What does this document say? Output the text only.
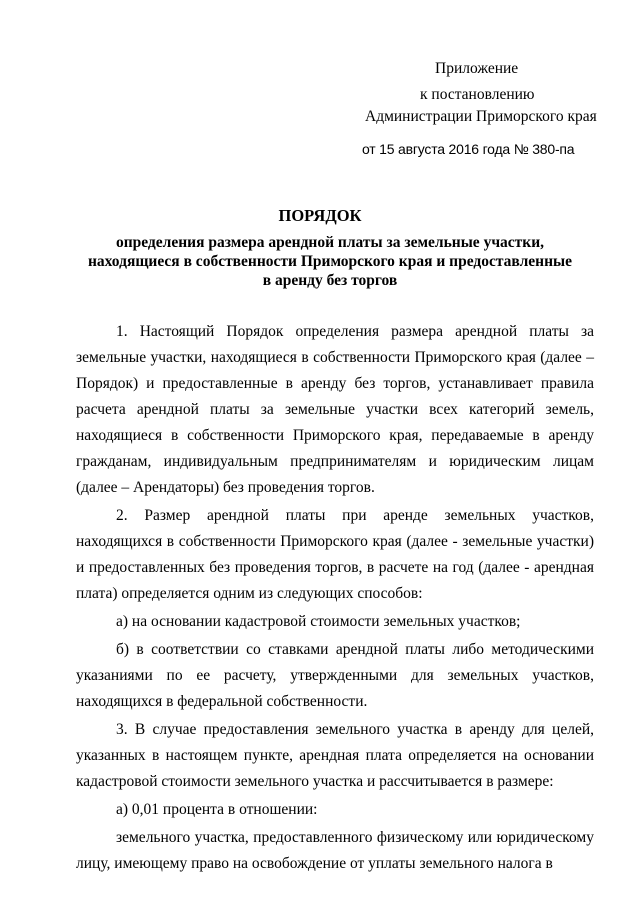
Приложение
к постановлению
Администрации Приморского края
от 15 августа 2016 года № 380-па
ПОРЯДОК
определения размера арендной платы за земельные участки,
находящиеся в собственности Приморского края и предоставленные
в аренду без торгов

1. Настоящий Порядок определения размера арендной платы за земельные участки, находящиеся в собственности Приморского края (далее – Порядок) и предоставленные в аренду без торгов, устанавливает правила расчета арендной платы за земельные участки всех категорий земель, находящиеся в собственности Приморского края, передаваемые в аренду гражданам, индивидуальным предпринимателям и юридическим лицам (далее – Арендаторы) без проведения торгов.

2. Размер арендной платы при аренде земельных участков, находящихся в собственности Приморского края (далее - земельные участки) и предоставленных без проведения торгов, в расчете на год (далее - арендная плата) определяется одним из следующих способов:

а) на основании кадастровой стоимости земельных участков;

б) в соответствии со ставками арендной платы либо методическими указаниями по ее расчету, утвержденными для земельных участков, находящихся в федеральной собственности.

3. В случае предоставления земельного участка в аренду для целей, указанных в настоящем пункте, арендная плата определяется на основании кадастровой стоимости земельного участка и рассчитывается в размере:

а) 0,01 процента в отношении:

земельного участка, предоставленного физическому или юридическому лицу, имеющему право на освобождение от уплаты земельного налога в
